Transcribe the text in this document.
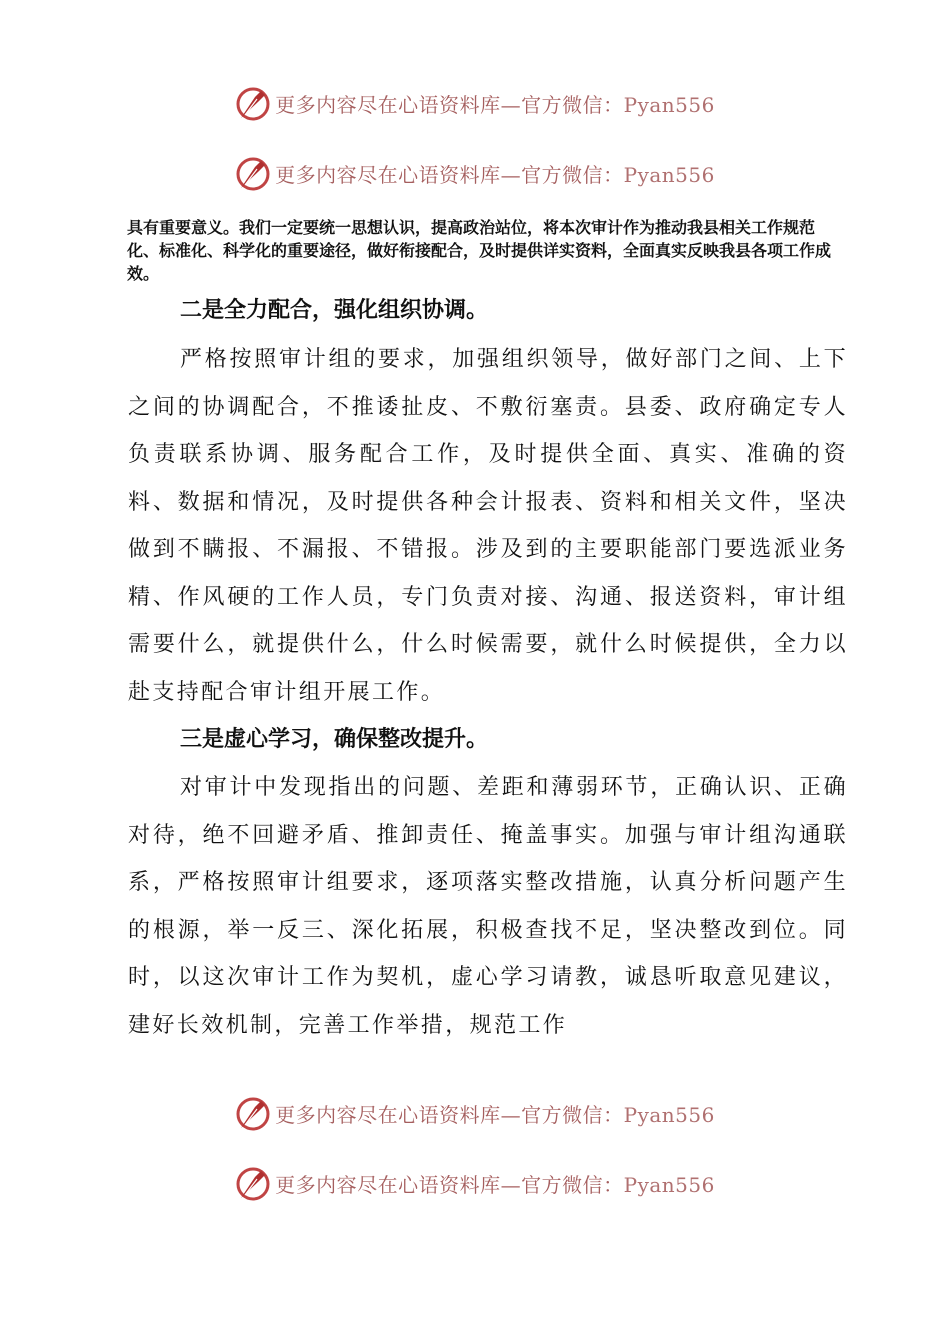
更多内容尽在心语资料库—官方微信：Pyan556
更多内容尽在心语资料库—官方微信：Pyan556

具有重要意义。我们一定要统一思想认识，提高政治站位，将本次审计作为推动我县相关工作规范化、标准化、科学化的重要途径，做好衔接配合，及时提供详实资料，全面真实反映我县各项工作成效。

二是全力配合，强化组织协调。

严格按照审计组的要求，加强组织领导，做好部门之间、上下之间的协调配合，不推诿扯皮、不敷衍塞责。县委、政府确定专人负责联系协调、服务配合工作，及时提供全面、真实、准确的资料、数据和情况，及时提供各种会计报表、资料和相关文件，坚决做到不瞒报、不漏报、不错报。涉及到的主要职能部门要选派业务精、作风硬的工作人员，专门负责对接、沟通、报送资料，审计组需要什么，就提供什么，什么时候需要，就什么时候提供，全力以赴支持配合审计组开展工作。

三是虚心学习，确保整改提升。

对审计中发现指出的问题、差距和薄弱环节，正确认识、正确对待，绝不回避矛盾、推卸责任、掩盖事实。加强与审计组沟通联系，严格按照审计组要求，逐项落实整改措施，认真分析问题产生的根源，举一反三、深化拓展，积极查找不足，坚决整改到位。同时，以这次审计工作为契机，虚心学习请教，诚恳听取意见建议，建好长效机制，完善工作举措，规范工作

更多内容尽在心语资料库—官方微信：Pyan556
更多内容尽在心语资料库—官方微信：Pyan556
